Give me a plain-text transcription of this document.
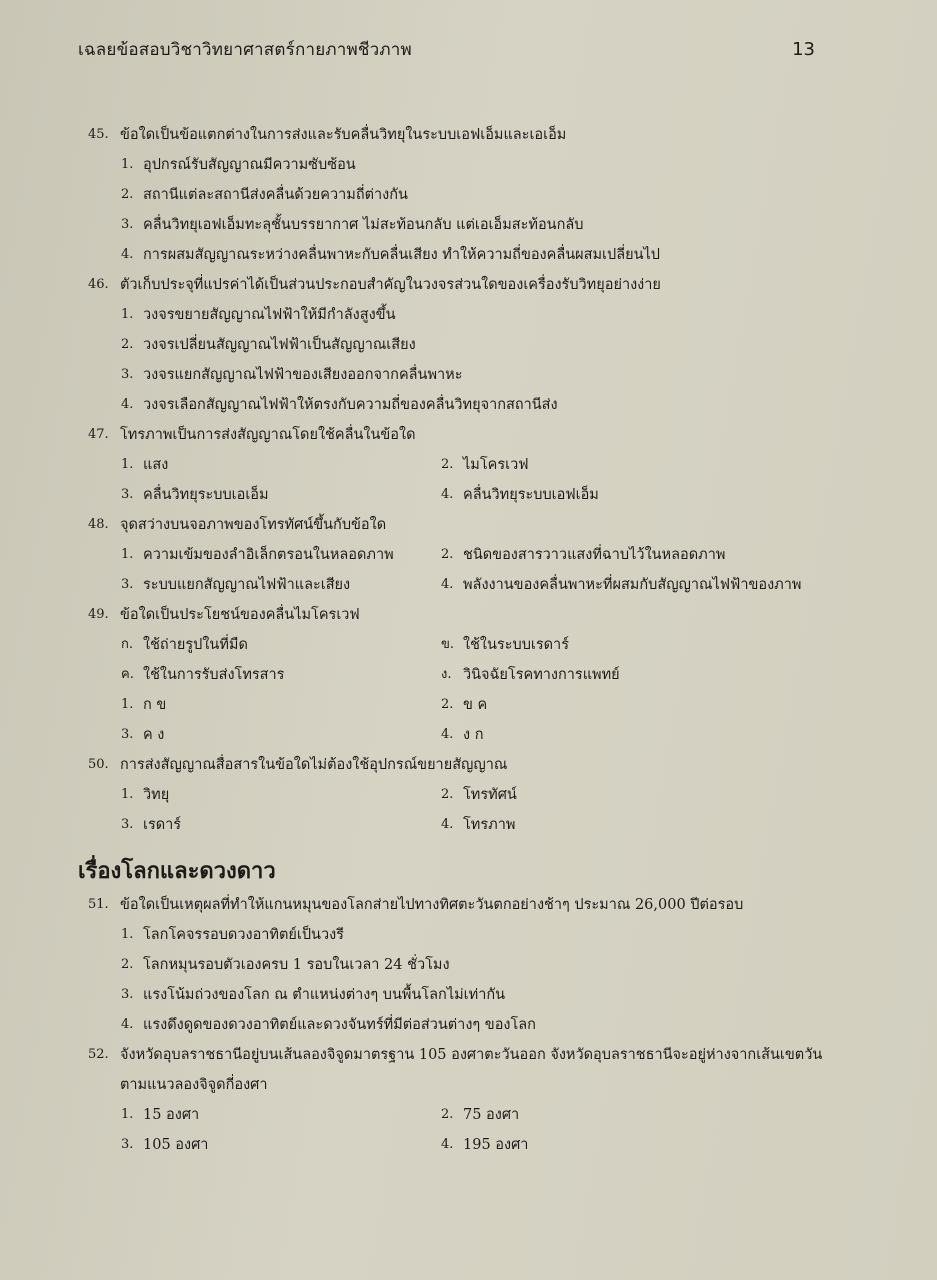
เฉลยข้อสอบวิชาวิทยาศาสตร์กายภาพชีวภาพ	13
45. ข้อใดเป็นข้อแตกต่างในการส่งและรับคลื่นวิทยุในระบบเอฟเอ็มและเอเอ็ม
1. อุปกรณ์รับสัญญาณมีความซับซ้อน
2. สถานีแต่ละสถานีส่งคลื่นด้วยความถี่ต่างกัน
3. คลื่นวิทยุเอฟเอ็มทะลุชั้นบรรยากาศ ไม่สะท้อนกลับ แต่เอเอ็มสะท้อนกลับ
4. การผสมสัญญาณระหว่างคลื่นพาหะกับคลื่นเสียง ทำให้ความถี่ของคลื่นผสมเปลี่ยนไป
46. ตัวเก็บประจุที่แปรค่าได้เป็นส่วนประกอบสำคัญในวงจรส่วนใดของเครื่องรับวิทยุอย่างง่าย
1. วงจรขยายสัญญาณไฟฟ้าให้มีกำลังสูงขึ้น
2. วงจรเปลี่ยนสัญญาณไฟฟ้าเป็นสัญญาณเสียง
3. วงจรแยกสัญญาณไฟฟ้าของเสียงออกจากคลื่นพาหะ
4. วงจรเลือกสัญญาณไฟฟ้าให้ตรงกับความถี่ของคลื่นวิทยุจากสถานีส่ง
47. โทรภาพเป็นการส่งสัญญาณโดยใช้คลื่นในข้อใด
1. แสง	2. ไมโครเวฟ
3. คลื่นวิทยุระบบเอเอ็ม	4. คลื่นวิทยุระบบเอฟเอ็ม
48. จุดสว่างบนจอภาพของโทรทัศน์ขึ้นกับข้อใด
1. ความเข้มของลำอิเล็กตรอนในหลอดภาพ	2. ชนิดของสารวาวแสงที่ฉาบไว้ในหลอดภาพ
3. ระบบแยกสัญญาณไฟฟ้าและเสียง	4. พลังงานของคลื่นพาหะที่ผสมกับสัญญาณไฟฟ้าของภาพ
49. ข้อใดเป็นประโยชน์ของคลื่นไมโครเวฟ
ก. ใช้ถ่ายรูปในที่มืด	ข. ใช้ในระบบเรดาร์
ค. ใช้ในการรับส่งโทรสาร	ง. วินิจฉัยโรคทางการแพทย์
1. ก ข	2. ข ค
3. ค ง	4. ง ก
50. การส่งสัญญาณสื่อสารในข้อใดไม่ต้องใช้อุปกรณ์ขยายสัญญาณ
1. วิทยุ	2. โทรทัศน์
3. เรดาร์	4. โทรภาพ
เรื่องโลกและดวงดาว
51. ข้อใดเป็นเหตุผลที่ทำให้แกนหมุนของโลกส่ายไปทางทิศตะวันตกอย่างช้าๆ ประมาณ 26,000 ปีต่อรอบ
1. โลกโคจรรอบดวงอาทิตย์เป็นวงรี
2. โลกหมุนรอบตัวเองครบ 1 รอบในเวลา 24 ชั่วโมง
3. แรงโน้มถ่วงของโลก ณ ตำแหน่งต่างๆ บนพื้นโลกไม่เท่ากัน
4. แรงดึงดูดของดวงอาทิตย์และดวงจันทร์ที่มีต่อส่วนต่างๆ ของโลก
52. จังหวัดอุบลราชธานีอยู่บนเส้นลองจิจูดมาตรฐาน 105 องศาตะวันออก จังหวัดอุบลราชธานีจะอยู่ห่างจากเส้นเขตวันตามแนวลองจิจูดกี่องศา
1. 15 องศา	2. 75 องศา
3. 105 องศา	4. 195 องศา
